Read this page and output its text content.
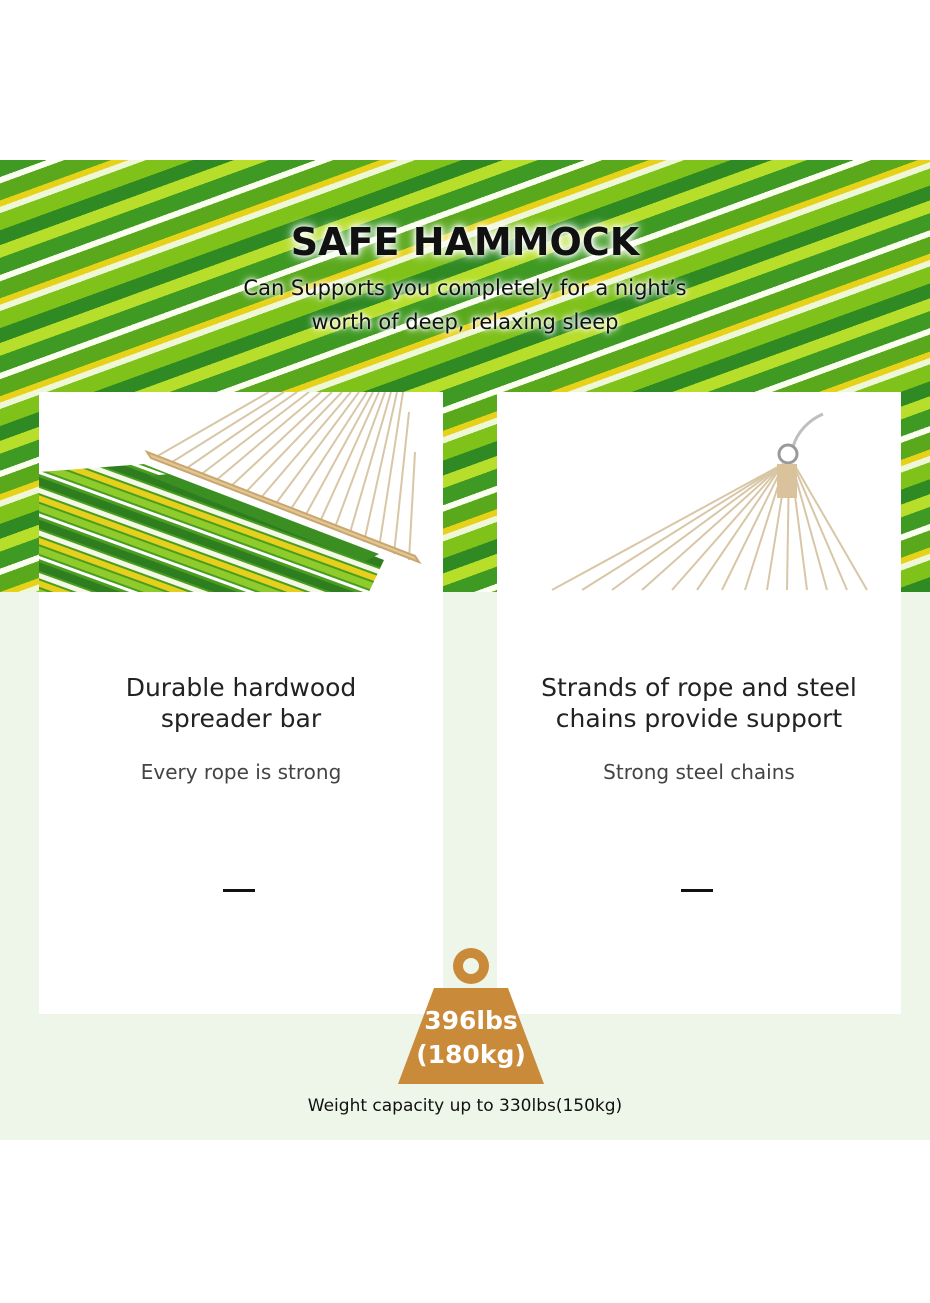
SAFE HAMMOCK
Can Supports you completely for a night’s
worth of deep, relaxing sleep
Durable hardwood
spreader bar
Every rope is strong
Strands of rope and steel
chains provide support
Strong steel chains
396lbs
(180kg)
Weight capacity up to 330lbs(150kg)
